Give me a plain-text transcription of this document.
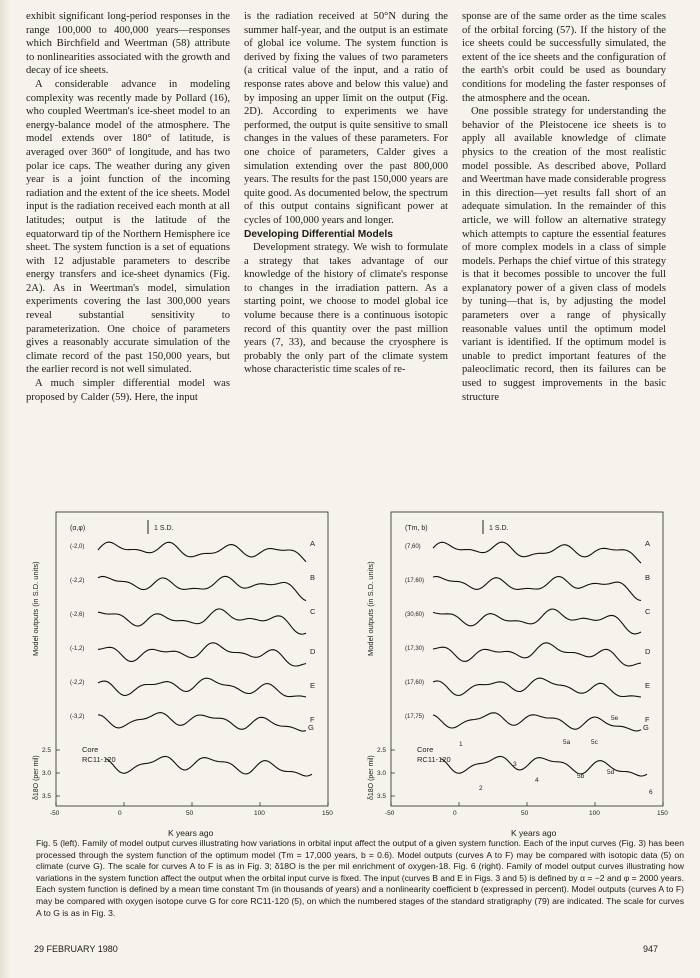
exhibit significant long-period responses in the range 100,000 to 400,000 years—responses which Birchfield and Weertman (58) attribute to nonlinearities associated with the growth and decay of ice sheets.

A considerable advance in modeling complexity was recently made by Pollard (16), who coupled Weertman's ice-sheet model to an energy-balance model of the atmosphere. The model extends over 180° of latitude, is averaged over 360° of longitude, and has two polar ice caps. The weather during any given year is a joint function of the incoming radiation and the extent of the ice sheets. Model input is the radiation received each month at all latitudes; output is the latitude of the equatorward tip of the Northern Hemisphere ice sheet. The system function is a set of equations with 12 adjustable parameters to describe energy transfers and ice-sheet dynamics (Fig. 2A). As in Weertman's model, simulation experiments covering the last 300,000 years reveal substantial sensitivity to parameterization. One choice of parameters gives a reasonably accurate simulation of the climate record of the past 150,000 years, but the earlier record is not well simulated.

A much simpler differential model was proposed by Calder (59). Here, the input

is the radiation received at 50°N during the summer half-year, and the output is an estimate of global ice volume. The system function is derived by fixing the values of two parameters (a critical value of the input, and a ratio of response rates above and below this value) and by imposing an upper limit on the output (Fig. 2D). According to experiments we have performed, the output is quite sensitive to small changes in the values of these parameters. For one choice of parameters, Calder gives a simulation extending over the past 800,000 years. The results for the past 150,000 years are quite good. As documented below, the spectrum of this output contains significant power at cycles of 100,000 years and longer.

Developing Differential Models

Development strategy. We wish to formulate a strategy that takes advantage of our knowledge of the history of climate's response to changes in the irradiation pattern. As a starting point, we choose to model global ice volume because there is a continuous isotopic record of this quantity over the past million years (7, 33), and because the cryosphere is probably the only part of the climate system whose characteristic time scales of re-

sponse are of the same order as the time scales of the orbital forcing (57). If the history of the ice sheets could be successfully simulated, the extent of the ice sheets and the configuration of the earth's orbit could be used as boundary conditions for modeling the faster responses of the atmosphere and the ocean.

One possible strategy for understanding the behavior of the Pleistocene ice sheets is to apply all available knowledge of climate physics to the creation of the most realistic model possible. As described above, Pollard and Weertman have made considerable progress in this direction—yet results fall short of an adequate simulation. In the remainder of this article, we will follow an alternative strategy which attempts to capture the essential features of more complex models in a class of simple models. Perhaps the chief virtue of this strategy is that it becomes possible to uncover the full explanatory power of a given class of models by tuning—that is, by adjusting the model parameters over a range of physically reasonable values until the optimum model variant is identified. If the optimum model is unable to predict important features of the paleoclimatic record, then its failures can be used to suggest improvements in the basic structure

-50	0	50	100	150
Model outputs (in S.D. units)
δ18O (per mil)
2.5
3.0
3.5
(α,φ)	1 S.D.
(-2,0)	A
(-2,2)	B
(-2,6)	C
(-1,2)	D
(-2,2)	E
(-3,2)	F
Core
RC11-120
G
K years ago
-50	0	50	100	150
Model outputs (in S.D. units)
δ18O (per mil)
2.5
3.0
3.5
(Tm, b)	1 S.D.
(7,60)	A
(17,60)	B
(30,60)	C
(17,30)	D
(17,60)	E
(17,75)	F
Core
RC11-120
G
1
2
3
4
5a
5b
5c
5d
5e
6
K years ago
Fig. 5 (left). Family of model output curves illustrating how variations in orbital input affect the output of a given system function. Each of the input curves (Fig. 3) has been processed through the system function of the optimum model (Tm = 17,000 years, b = 0.6). Model outputs (curves A to F) may be compared with isotopic data (5) on climate (curve G). The scale for curves A to F is as in Fig. 3; δ18O is the per mil enrichment of oxygen-18. Fig. 6 (right). Family of model output curves illustrating how variations in the system function affect the output when the orbital input curve is fixed. The input (curves B and E in Figs. 3 and 5) is defined by α = −2 and φ = 2000 years. Each system function is defined by a mean time constant Tm (in thousands of years) and a nonlinearity coefficient b (expressed in percent). Model outputs (curves A to F) may be compared with oxygen isotope curve G for core RC11-120 (5), on which the numbered stages of the standard stratigraphy (79) are indicated. The scale for curves A to G is as in Fig. 3.
29 FEBRUARY 1980	947
